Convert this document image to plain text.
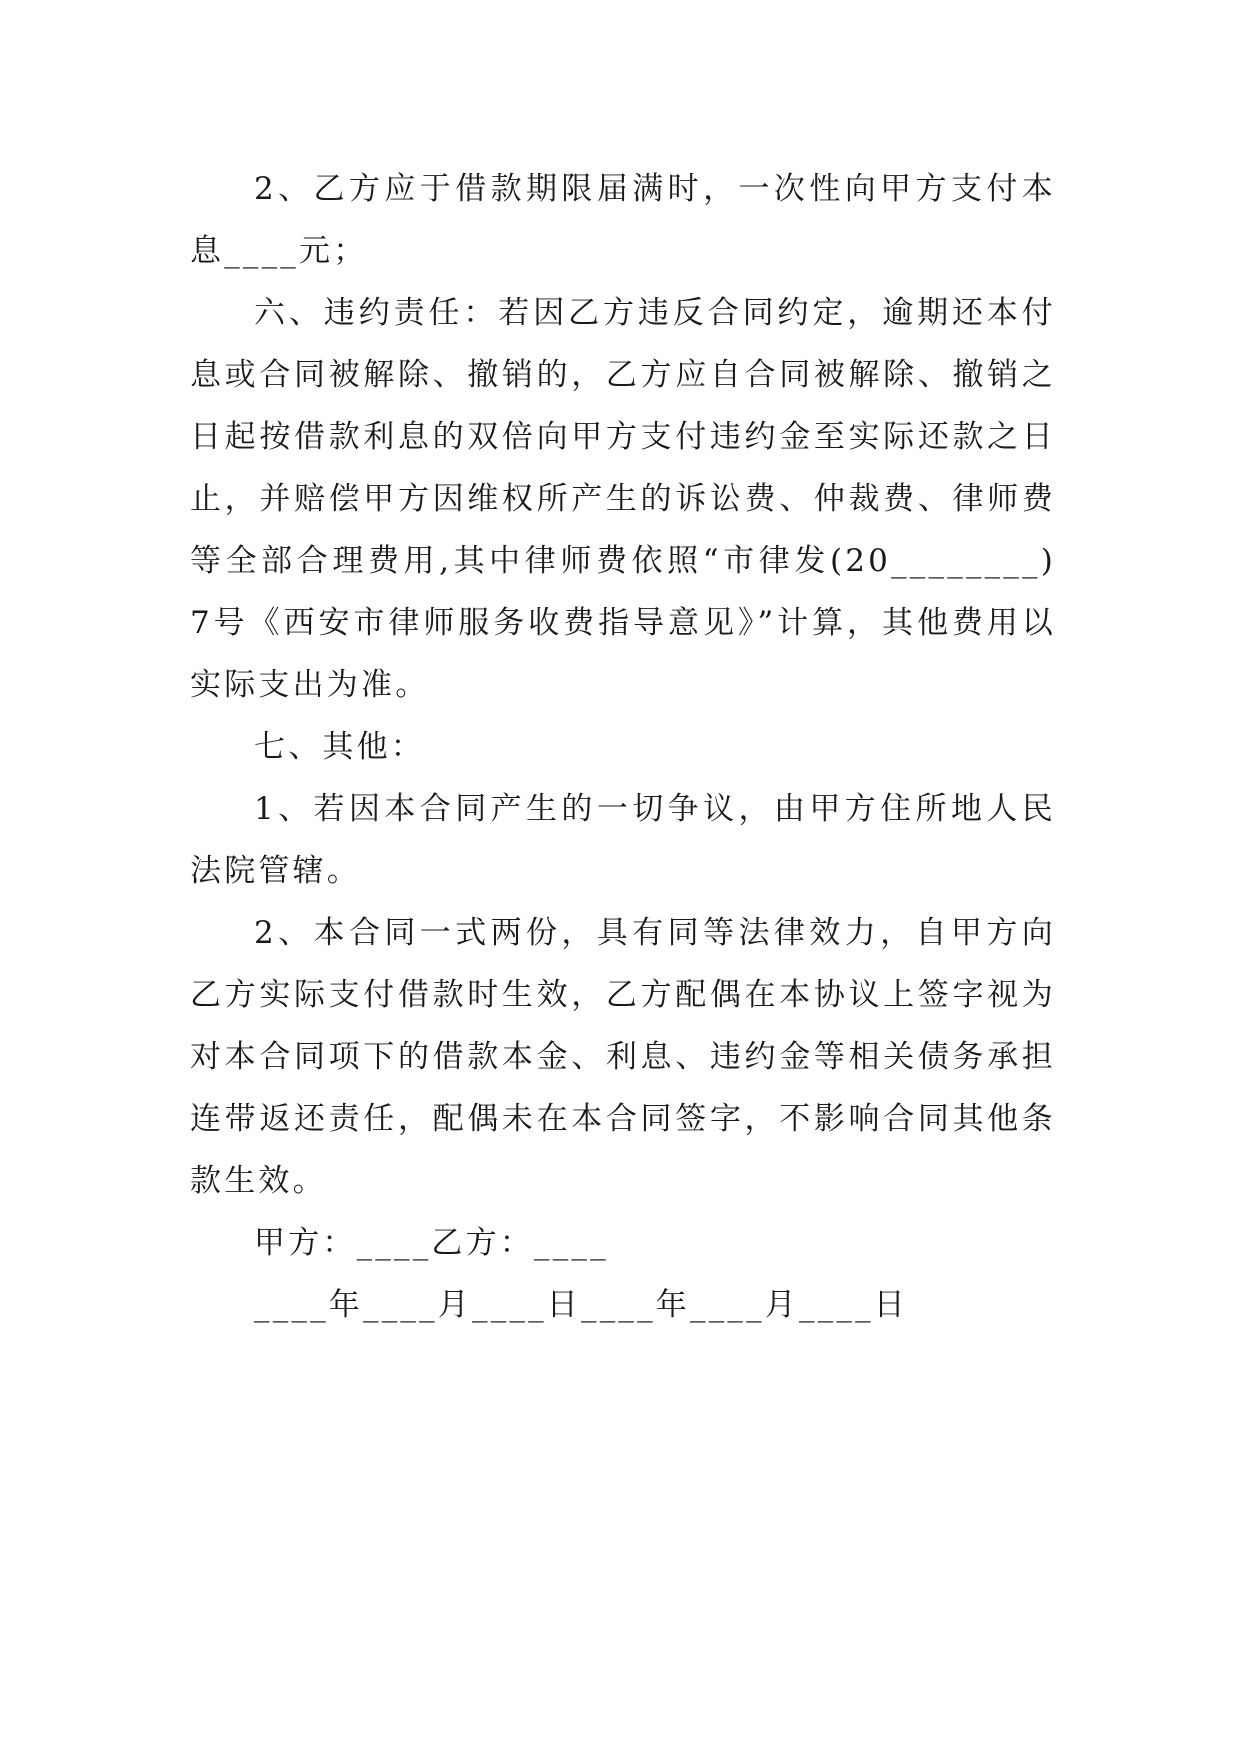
2、乙方应于借款期限届满时，一次性向甲方支付本息____元；

六、违约责任：若因乙方违反合同约定，逾期还本付息或合同被解除、撤销的，乙方应自合同被解除、撤销之日起按借款利息的双倍向甲方支付违约金至实际还款之日止，并赔偿甲方因维权所产生的诉讼费、仲裁费、律师费等全部合理费用,其中律师费依照“市律发(20________) 7号《西安市律师服务收费指导意见》”计算，其他费用以实际支出为准。

七、其他：

1、若因本合同产生的一切争议，由甲方住所地人民法院管辖。

2、本合同一式两份，具有同等法律效力，自甲方向乙方实际支付借款时生效，乙方配偶在本协议上签字视为对本合同项下的借款本金、利息、违约金等相关债务承担连带返还责任，配偶未在本合同签字，不影响合同其他条款生效。

甲方：____乙方：____

____年____月____日____年____月____日
